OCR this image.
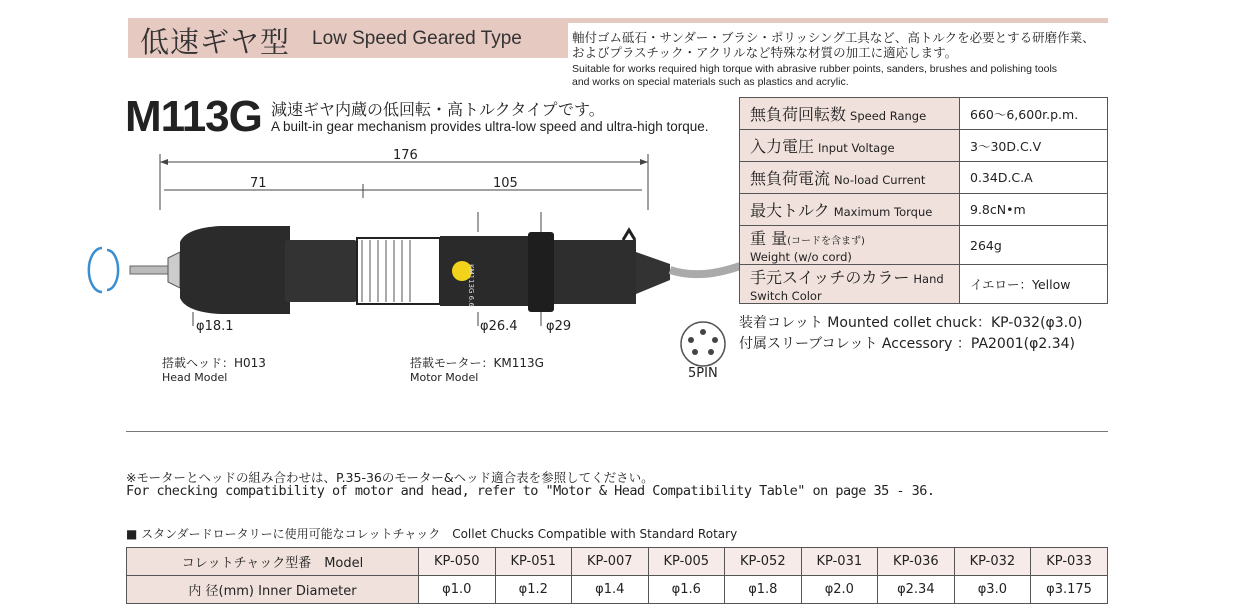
低速ギヤ型 Low Speed Geared Type	軸付ゴム砥石・サンダー・ブラシ・ポリッシング工具など、高トルクを必要とする研磨作業、
およびプラスチック・アクリルなど特殊な材質の加工に適応します。
Suitable for works required high torque with abrasive rubber points, sanders, brushes and polishing tools
and works on special materials such as plastics and acrylic.
M113G 減速ギヤ内蔵の低回転・高トルクタイプです。
A built-in gear mechanism provides ultra-low speed and ultra-high torque.
KM113G 6.6
176
71	105
φ18.1	φ26.4 φ29
搭載ヘッド：H013
Head Model
搭載モーター：KM113G
Motor Model	5PIN
無負荷回転数 Speed Range	660～6,600r.p.m.
入力電圧 Input Voltage	3～30D.C.V
無負荷電流 No-load Current	0.34D.C.A
最大トルク Maximum Torque	9.8cN•m
重 量(コードを含まず)
Weight (w/o cord)	264g
手元スイッチのカラー Hand Switch Color	イエロー：Yellow
装着コレット Mounted collet chuck：KP-032(φ3.0)
付属スリーブコレット Accessory ：PA2001(φ2.34)
※モーターとヘッドの組み合わせは、P.35-36のモーター&ヘッド適合表を参照してください。
For checking compatibility of motor and head, refer to "Motor & Head Compatibility Table" on page 35 - 36.
■ スタンダードロータリーに使用可能なコレットチャック　Collet Chucks Compatible with Standard Rotary
コレットチャック型番　Model	KP-050	KP-051	KP-007	KP-005	KP-052	KP-031	KP-036	KP-032	KP-033
内 径(mm) Inner Diameter	φ1.0	φ1.2	φ1.4	φ1.6	φ1.8	φ2.0	φ2.34	φ3.0	φ3.175
